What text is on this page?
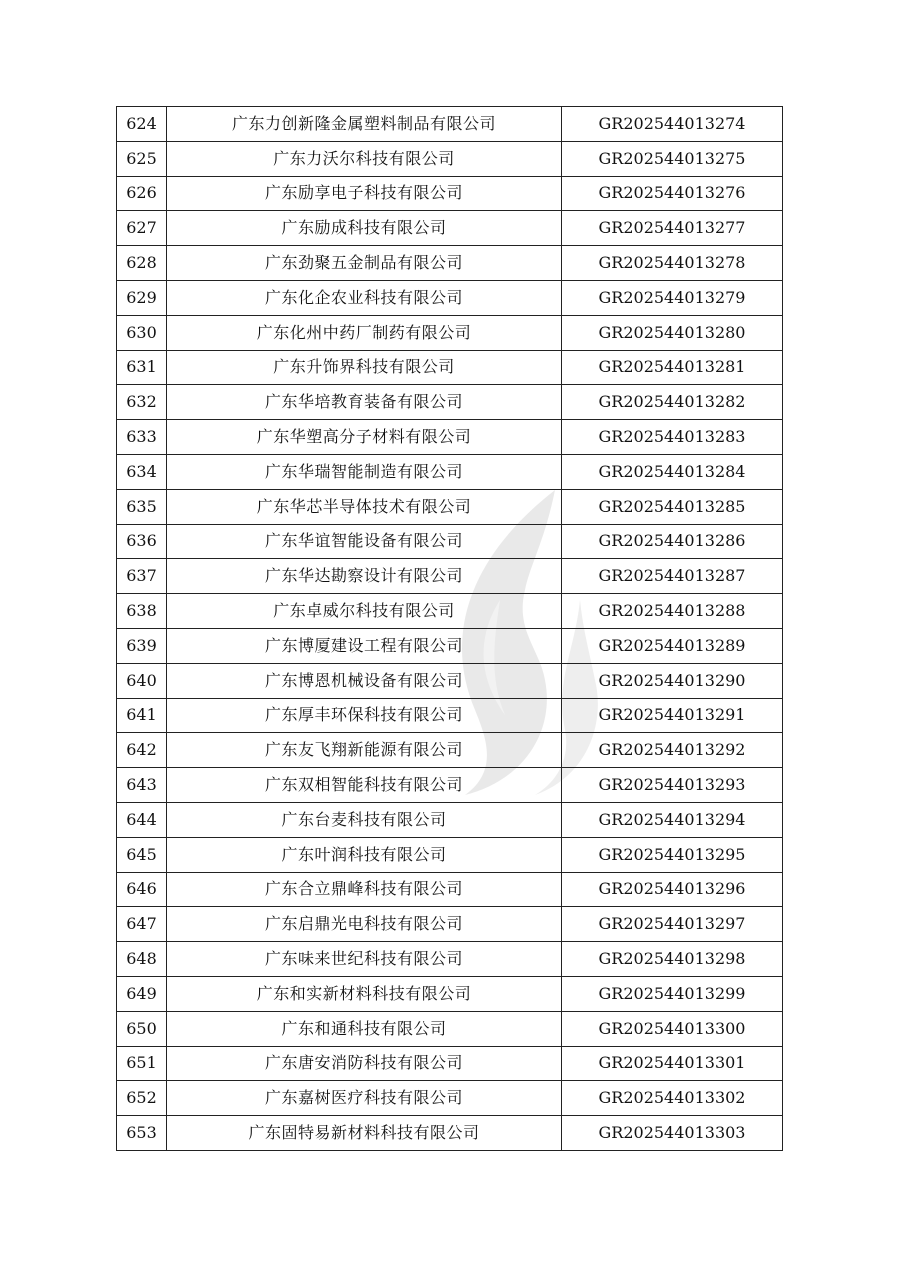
624	广东力创新隆金属塑料制品有限公司	GR202544013274
625	广东力沃尔科技有限公司	GR202544013275
626	广东励享电子科技有限公司	GR202544013276
627	广东励成科技有限公司	GR202544013277
628	广东劲聚五金制品有限公司	GR202544013278
629	广东化企农业科技有限公司	GR202544013279
630	广东化州中药厂制药有限公司	GR202544013280
631	广东升饰界科技有限公司	GR202544013281
632	广东华培教育装备有限公司	GR202544013282
633	广东华塑高分子材料有限公司	GR202544013283
634	广东华瑞智能制造有限公司	GR202544013284
635	广东华芯半导体技术有限公司	GR202544013285
636	广东华谊智能设备有限公司	GR202544013286
637	广东华达勘察设计有限公司	GR202544013287
638	广东卓威尔科技有限公司	GR202544013288
639	广东博厦建设工程有限公司	GR202544013289
640	广东博恩机械设备有限公司	GR202544013290
641	广东厚丰环保科技有限公司	GR202544013291
642	广东友飞翔新能源有限公司	GR202544013292
643	广东双相智能科技有限公司	GR202544013293
644	广东台麦科技有限公司	GR202544013294
645	广东叶润科技有限公司	GR202544013295
646	广东合立鼎峰科技有限公司	GR202544013296
647	广东启鼎光电科技有限公司	GR202544013297
648	广东味来世纪科技有限公司	GR202544013298
649	广东和实新材料科技有限公司	GR202544013299
650	广东和通科技有限公司	GR202544013300
651	广东唐安消防科技有限公司	GR202544013301
652	广东嘉树医疗科技有限公司	GR202544013302
653	广东固特易新材料科技有限公司	GR202544013303
